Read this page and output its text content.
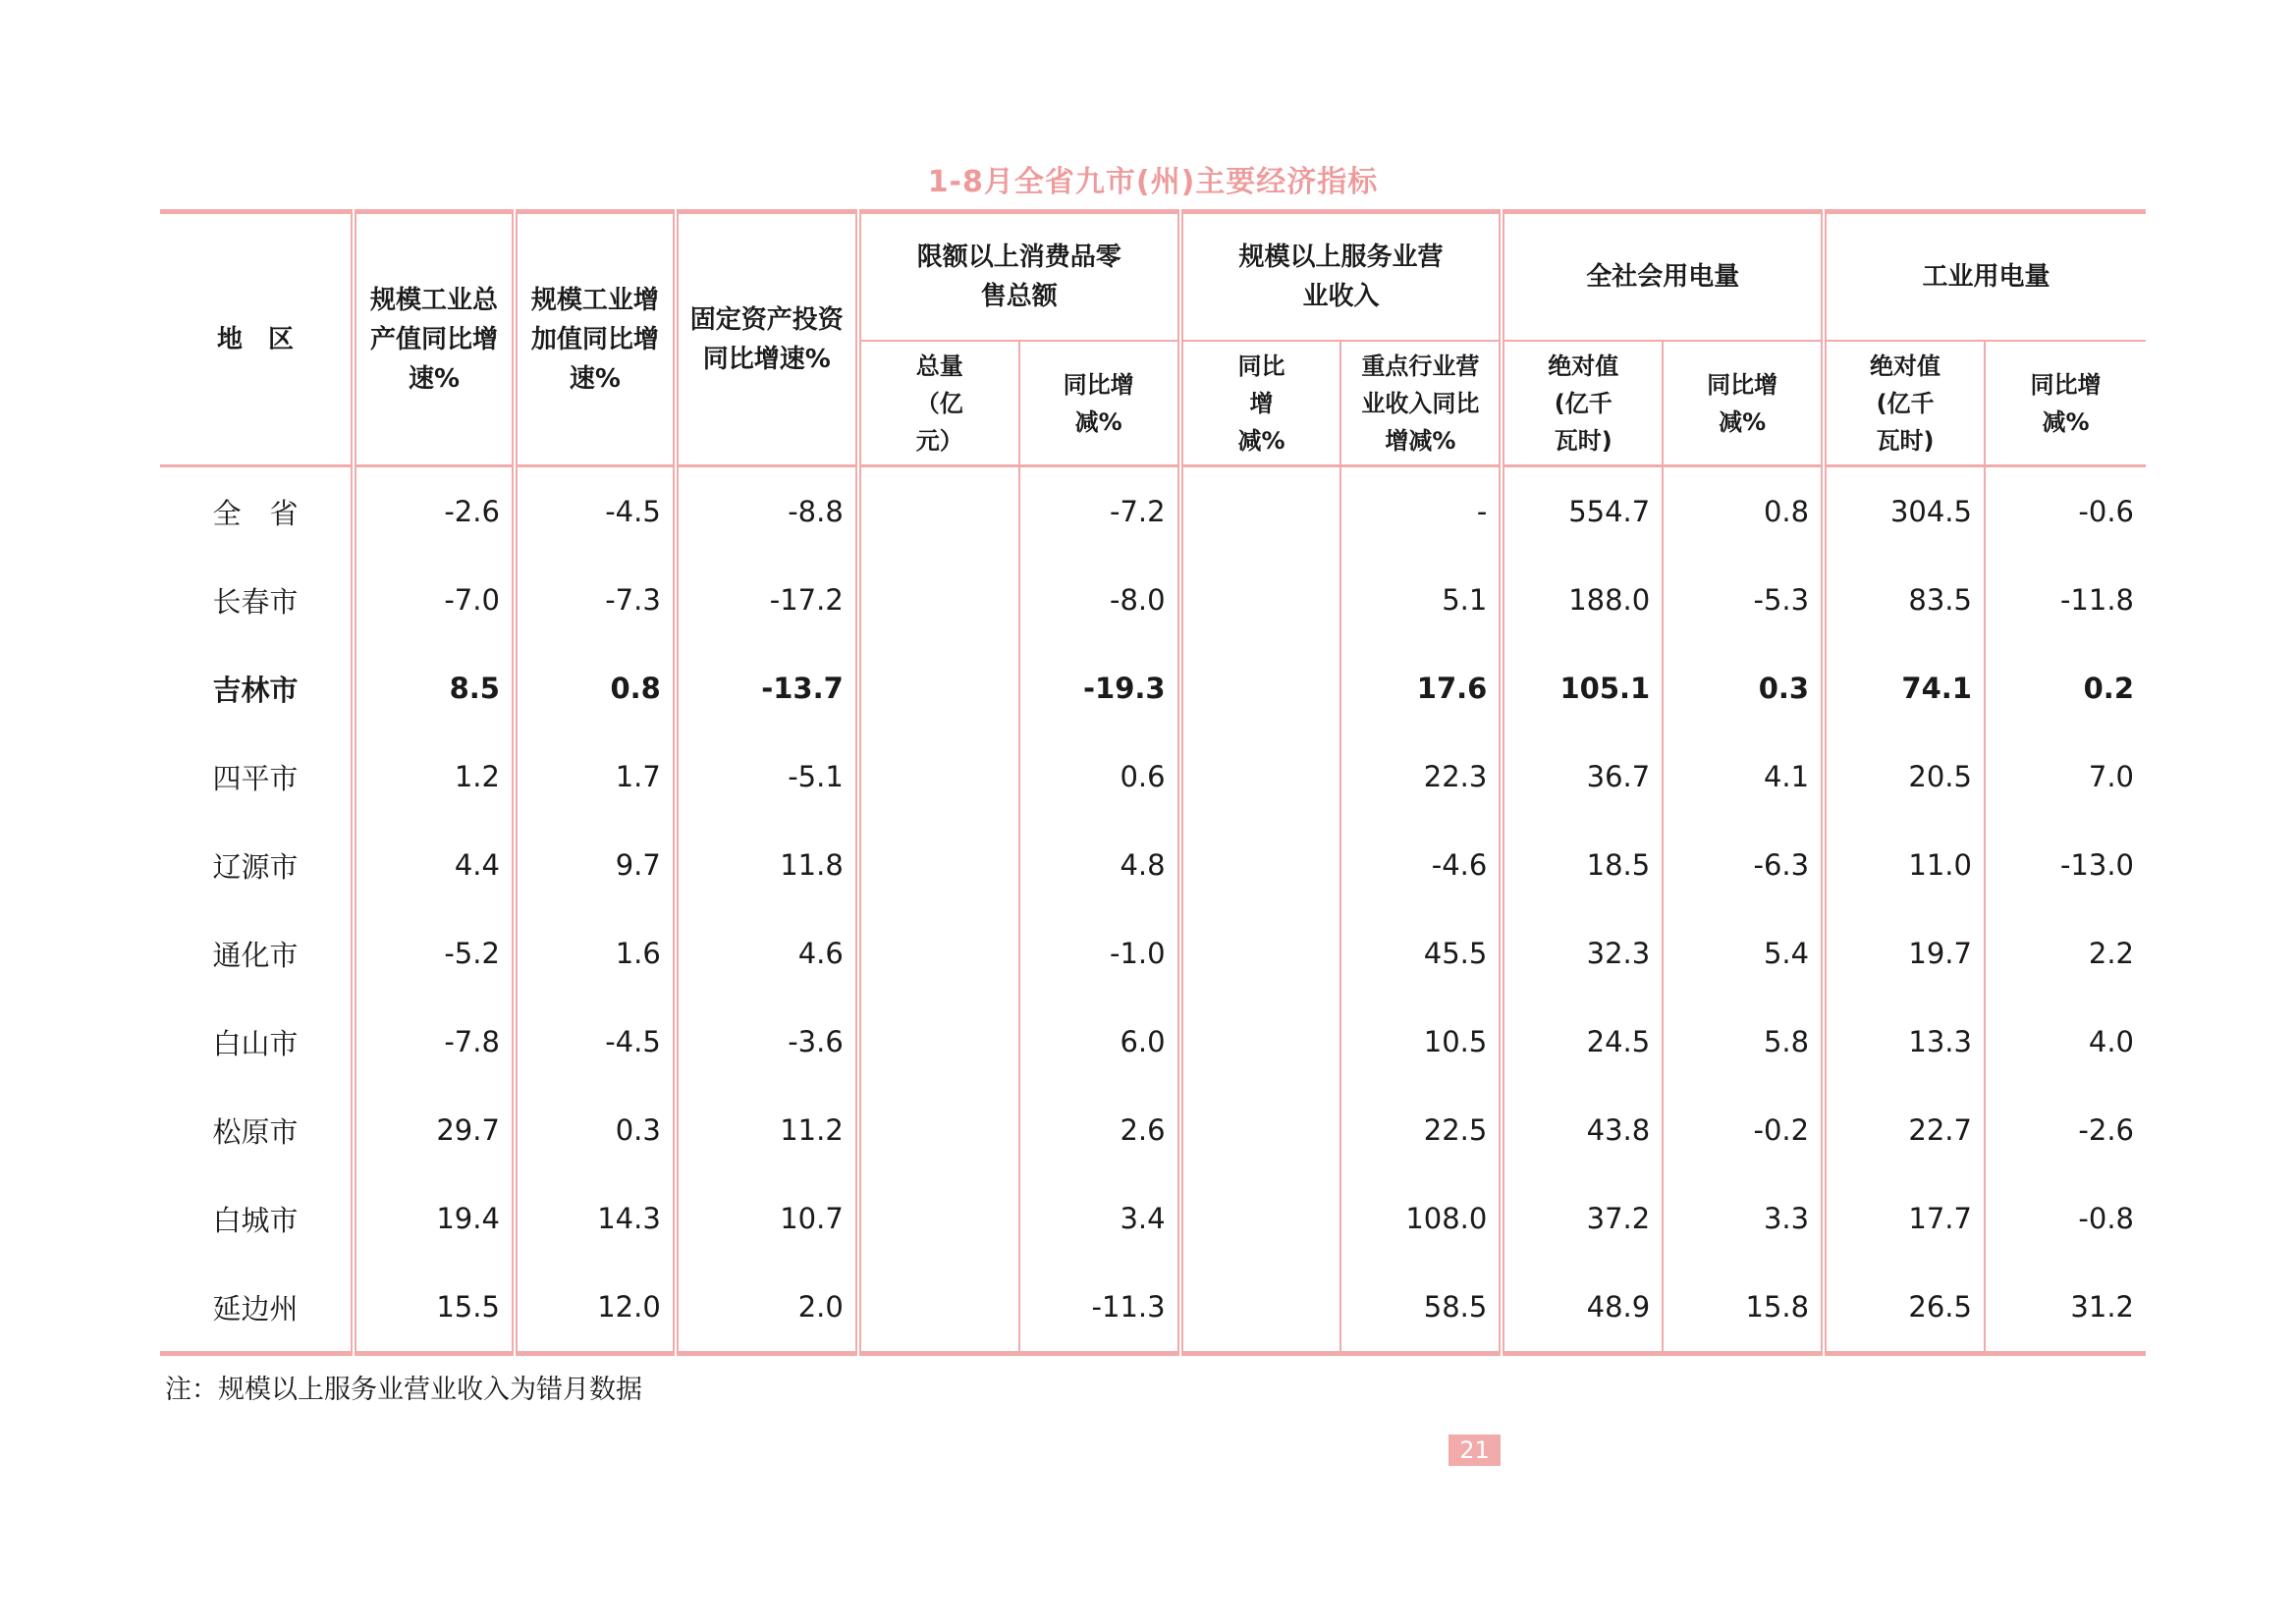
1-8月全省九市(州)主要经济指标
地　区	规模工业总产值同比增速%	规模工业增加值同比增速%	固定资产投资同比增速%	限额以上消费品零售总额		规模以上服务业营业收入		全社会用电量		工业用电量	
				总量（亿元）	同比增减%	同比增减%	重点行业营业收入同比增减%	绝对值(亿千瓦时)	同比增减%	绝对值(亿千瓦时)	同比增减%
全　省	-2.6	-4.5	-8.8		-7.2		-	554.7	0.8	304.5	-0.6
长春市	-7.0	-7.3	-17.2		-8.0		5.1	188.0	-5.3	83.5	-11.8
吉林市	8.5	0.8	-13.7		-19.3		17.6	105.1	0.3	74.1	0.2
四平市	1.2	1.7	-5.1		0.6		22.3	36.7	4.1	20.5	7.0
辽源市	4.4	9.7	11.8		4.8		-4.6	18.5	-6.3	11.0	-13.0
通化市	-5.2	1.6	4.6		-1.0		45.5	32.3	5.4	19.7	2.2
白山市	-7.8	-4.5	-3.6		6.0		10.5	24.5	5.8	13.3	4.0
松原市	29.7	0.3	11.2		2.6		22.5	43.8	-0.2	22.7	-2.6
白城市	19.4	14.3	10.7		3.4		108.0	37.2	3.3	17.7	-0.8
延边州	15.5	12.0	2.0		-11.3		58.5	48.9	15.8	26.5	31.2
注：规模以上服务业营业收入为错月数据
21
